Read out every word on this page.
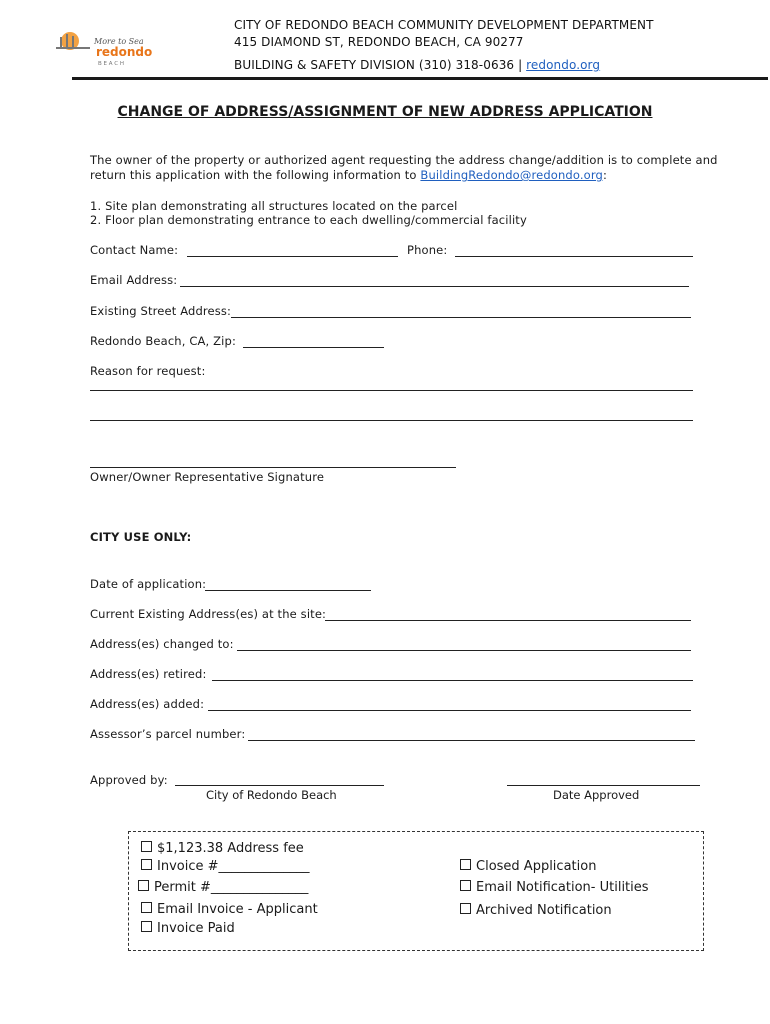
More to Sea
redondo
B E A C H
CITY OF REDONDO BEACH COMMUNITY DEVELOPMENT DEPARTMENT
415 DIAMOND ST, REDONDO BEACH, CA 90277
BUILDING & SAFETY DIVISION (310) 318-0636 | redondo.org
CHANGE OF ADDRESS/ASSIGNMENT OF NEW ADDRESS APPLICATION
The owner of the property or authorized agent requesting the address change/addition is to complete and
return this application with the following information to BuildingRedondo@redondo.org:
1. Site plan demonstrating all structures located on the parcel
2. Floor plan demonstrating entrance to each dwelling/commercial facility
Contact Name:	Phone:
Email Address:
Existing Street Address:
Redondo Beach, CA, Zip:
Reason for request:
Owner/Owner Representative Signature
CITY USE ONLY:
Date of application:
Current Existing Address(es) at the site:
Address(es) changed to:
Address(es) retired:
Address(es) added:
Assessor’s parcel number:
Approved by:
City of Redondo Beach	Date Approved
$1,123.38 Address fee
Invoice #______________
Permit #_______________
Email Invoice - Applicant
Invoice Paid
Closed Application
Email Notification- Utilities
Archived Notification
